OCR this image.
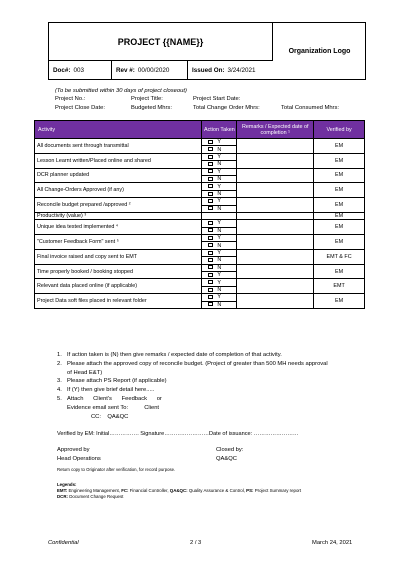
PROJECT {{NAME}}
Organization Logo
Doc#: 003	Rev #: 00/00/2020	Issued On: 3/24/2021
(To be submitted within 30 days of project closeout)
Project No.:	Project Title:	Project Start Date:
Project Close Date:	Budgeted Mhrs:	Total Change Order Mhrs:	Total Consumed Mhrs:
Activity	Action Taken	Remarks / Expected date of completion ¹	Verified by
All documents sent through transmittal	Y		EM
	N		
Lesson Learnt written/Placed online and shared	Y		EM
	N		
DCR planner updated	Y		EM
	N		
All Change-Orders Approved (if any)	Y		EM
	N		
Reconcile budget prepared /approved ²	Y		EM
	N		
Productivity (value) ³			EM
Unique idea tested implemented ⁴	Y		EM
	N		
"Customer Feedback Form" sent ⁵	Y		EM
	N		
Final invoice raised and copy sent to EMT	Y		EMT & FC
	N		
Time properly booked / booking stopped	N		EM
	Y		
Relevant data placed online (if applicable)	Y		EMT
	N		
Project Data soft files placed in relevant folder	Y		EM
	N		
1. If action taken is (N) then give remarks / expected date of completion of that activity.
2. Please attach the approved copy of reconcile budget. (Project of greater than 500 MH needs approval
of Head E&T)
3. Please attach PS Report (if applicable)
4. If (Y) then give brief detail here.....
5. Attach      Client's      Feedback      or
Evidence email sent To:          Client
CC:    QA&QC
Verified by EM: Initial……………. Signature……………………Date of issuance: ……………………
Approved by
Head Operations
Closed by:
QA&QC
Return copy to Originator after verification, for record purpose.
Legends:
EMT: Engineering Management, FC: Financial Controller, QA&QC: Quality Assurance & Control, PS: Project Summary report
DCR: Document Change Request
Confidential	2 / 3	March 24, 2021
